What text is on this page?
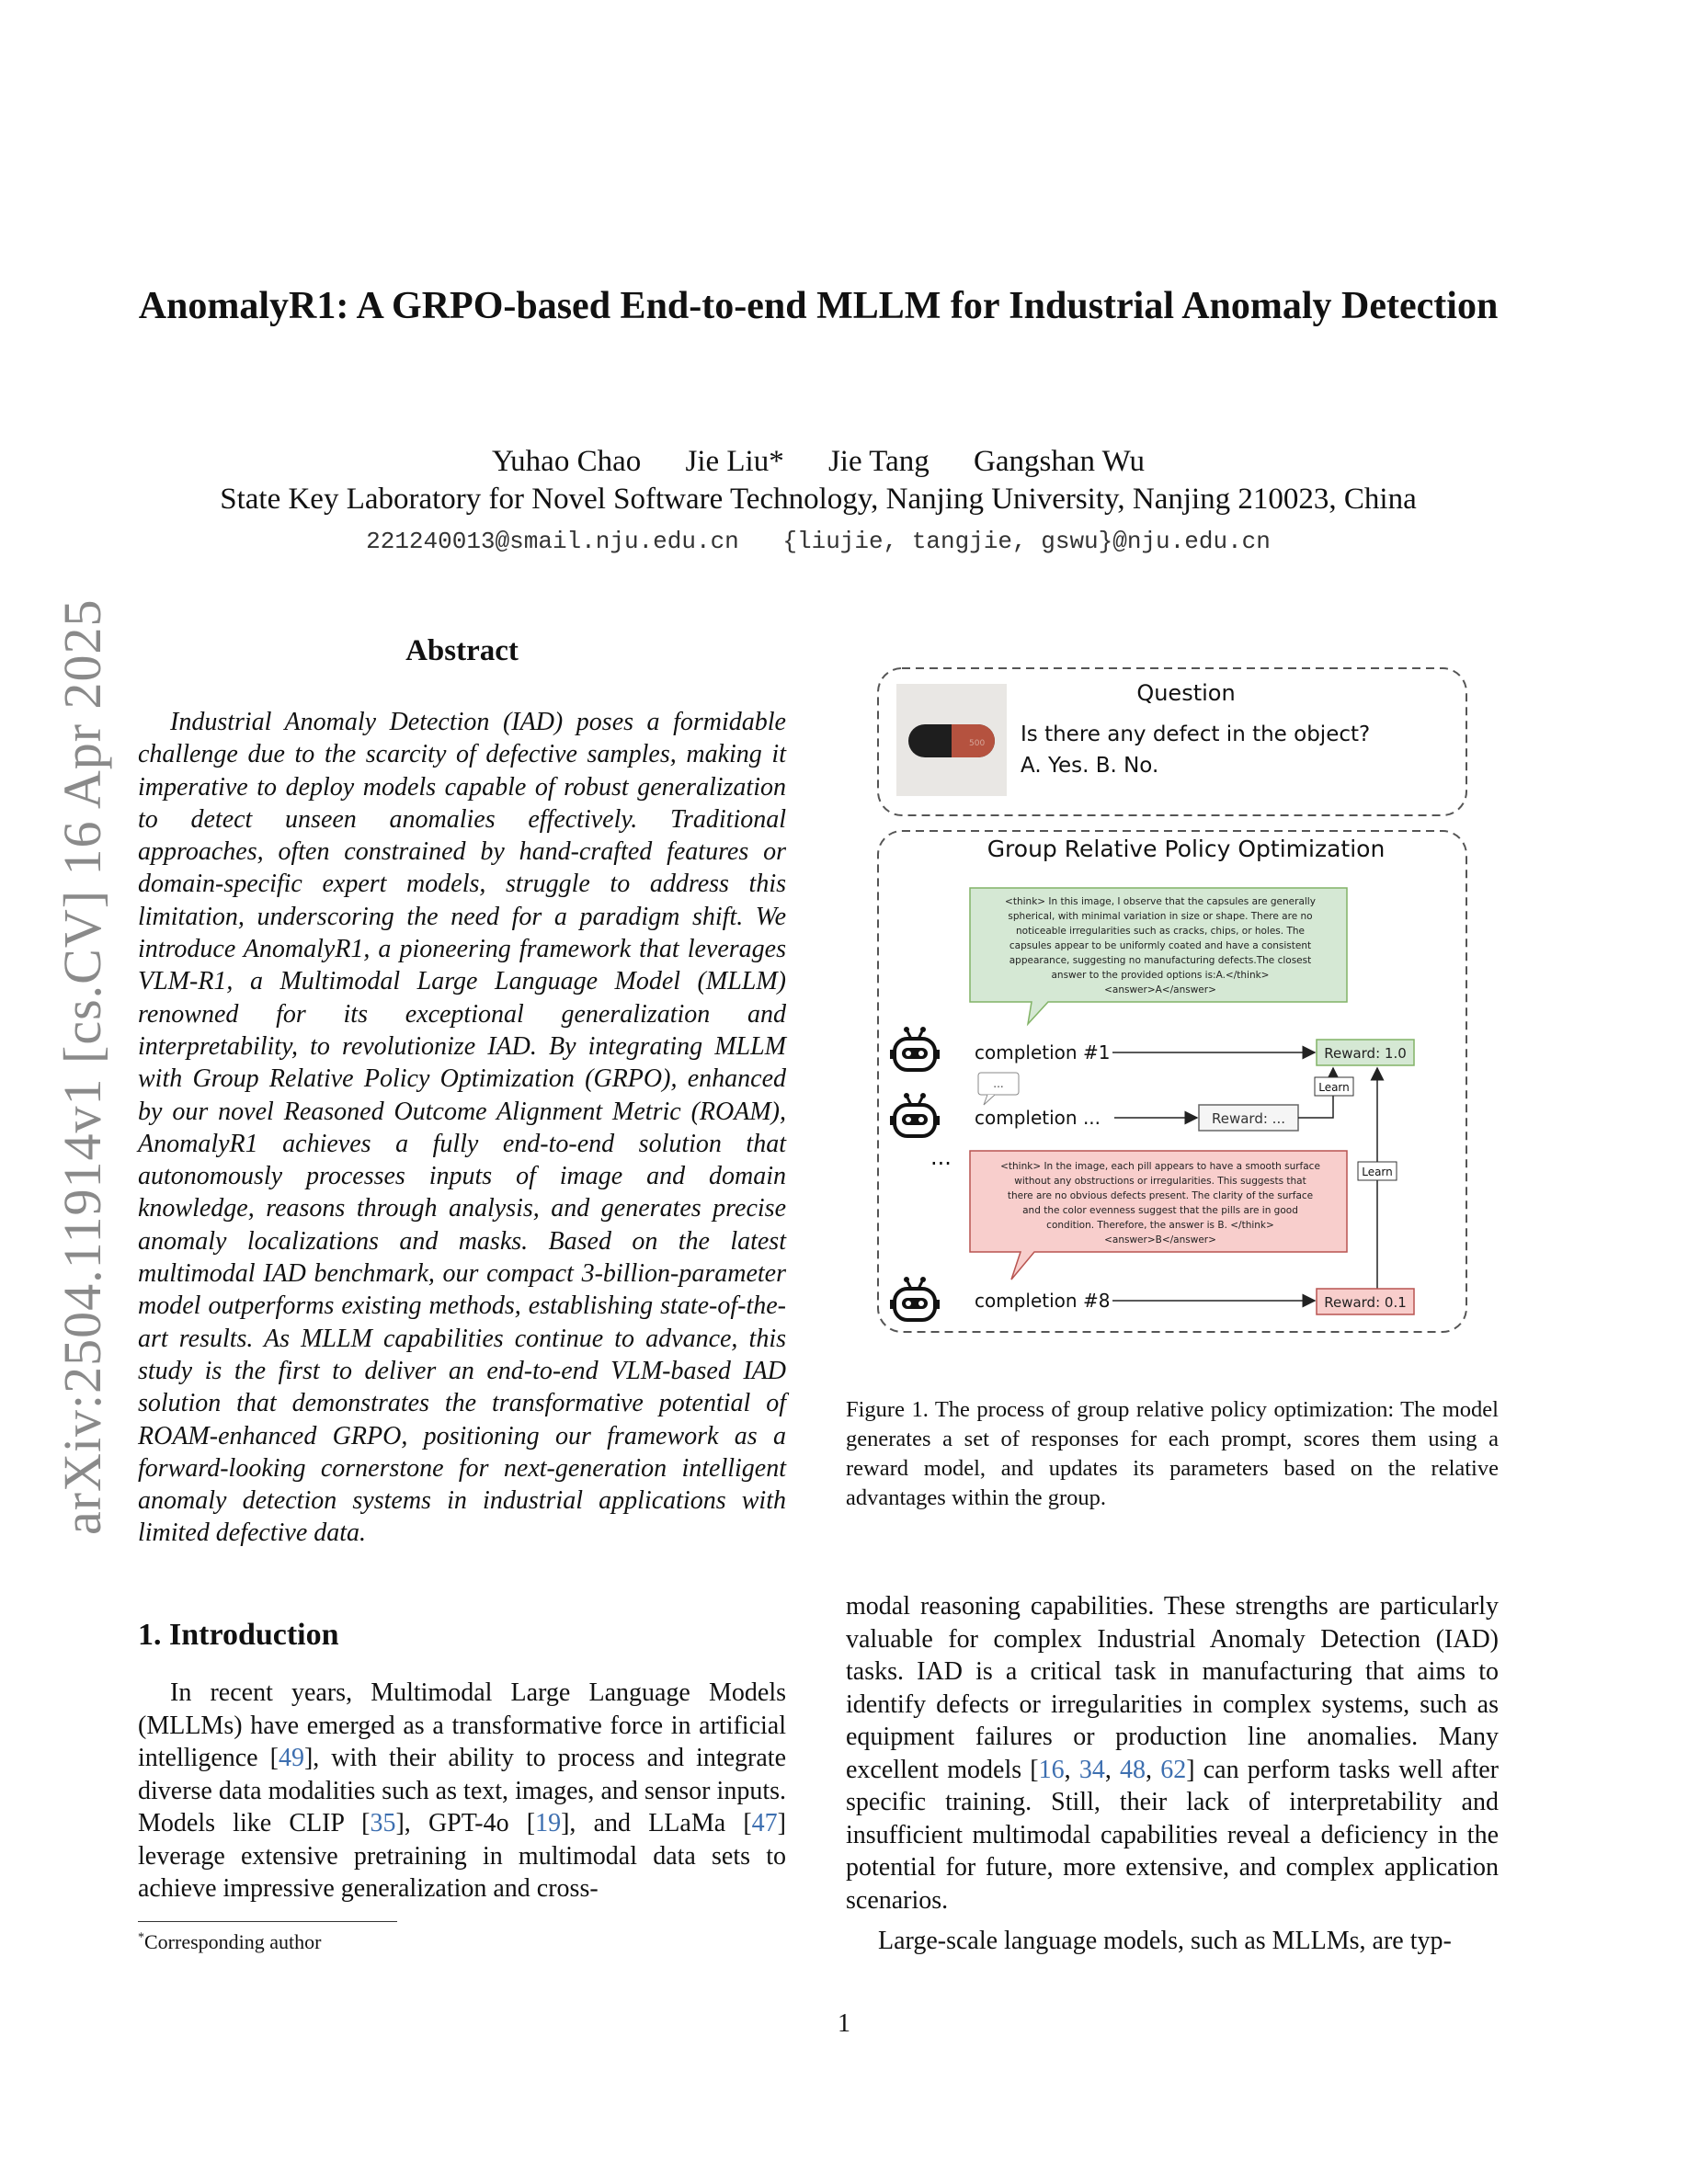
AnomalyR1: A GRPO-based End-to-end MLLM for Industrial Anomaly Detection
Yuhao Chao Jie Liu* Jie Tang Gangshan Wu
State Key Laboratory for Novel Software Technology, Nanjing University, Nanjing 210023, China
221240013@smail.nju.edu.cn {liujie, tangjie, gswu}@nju.edu.cn
arXiv:2504.11914v1 [cs.CV] 16 Apr 2025	Abstract
Industrial Anomaly Detection (IAD) poses a formidable challenge due to the scarcity of defective samples, making it imperative to deploy models capable of robust generalization to detect unseen anomalies effectively. Traditional approaches, often constrained by hand-crafted features or domain-specific expert models, struggle to address this limitation, underscoring the need for a paradigm shift. We introduce AnomalyR1, a pioneering framework that leverages VLM-R1, a Multimodal Large Language Model (MLLM) renowned for its exceptional generalization and interpretability, to revolutionize IAD. By integrating MLLM with Group Relative Policy Optimization (GRPO), enhanced by our novel Reasoned Outcome Alignment Metric (ROAM), AnomalyR1 achieves a fully end-to-end solution that autonomously processes inputs of image and domain knowledge, reasons through analysis, and generates precise anomaly localizations and masks. Based on the latest multimodal IAD benchmark, our compact 3-billion-parameter model outperforms existing methods, establishing state-of-the-art results. As MLLM capabilities continue to advance, this study is the first to deliver an end-to-end VLM-based IAD solution that demonstrates the transformative potential of ROAM-enhanced GRPO, positioning our framework as a forward-looking cornerstone for next-generation intelligent anomaly detection systems in industrial applications with limited defective data.
1. Introduction
In recent years, Multimodal Large Language Models (MLLMs) have emerged as a transformative force in artificial intelligence [49], with their ability to process and integrate diverse data modalities such as text, images, and sensor inputs. Models like CLIP [35], GPT-4o [19], and LLaMa [47] leverage extensive pretraining in multimodal data sets to achieve impressive generalization and cross-
*Corresponding author
modal reasoning capabilities. These strengths are particularly valuable for complex Industrial Anomaly Detection (IAD) tasks. IAD is a critical task in manufacturing that aims to identify defects or irregularities in complex systems, such as equipment failures or production line anomalies. Many excellent models [16, 34, 48, 62] can perform tasks well after specific training. Still, their lack of interpretability and insufficient multimodal capabilities reveal a deficiency in the potential for future, more extensive, and complex application scenarios.
Large-scale language models, such as MLLMs, are typ-
Figure 1. The process of group relative policy optimization: The model generates a set of responses for each prompt, scores them using a reward model, and updates its parameters based on the relative advantages within the group.
1
500
Question
Is there any defect in the object?
A. Yes. B. No.
Group Relative Policy Optimization
<think> In this image, I observe that the capsules are generally
spherical, with minimal variation in size or shape. There are no
noticeable irregularities such as cracks, chips, or holes. The
capsules appear to be uniformly coated and have a consistent
appearance, suggesting no manufacturing defects.The closest
answer to the provided options is:A.</think>
<answer>A</answer>
completion #1	Reward: 1.0
...
completion ...	Reward: ...
Learn
...	<think> In the image, each pill appears to have a smooth surface
without any obstructions or irregularities. This suggests that
there are no obvious defects present. The clarity of the surface
and the color evenness suggest that the pills are in good
condition. Therefore, the answer is B. </think>
<answer>B</answer>
Learn
completion #8	Reward: 0.1
